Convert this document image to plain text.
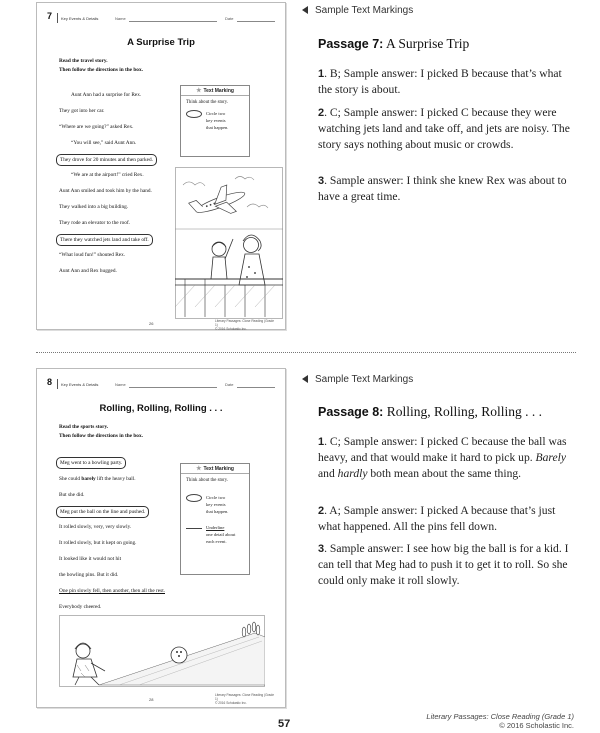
7 Key Events & Details	Name	Date
A Surprise Trip
Read the travel story.
Then follow the directions in the box.
Aunt Ann had a surprise for Rex.
They got into her car.
“Where are we going?” asked Rex.
“You will see,” said Aunt Ann.
They drove for 20 minutes and then parked.
“We are at the airport!” cried Rex.
Aunt Ann smiled and took him by the hand.
They walked into a big building.
They rode an elevator to the roof.
There they watched jets land and take off.
“What loud fun!” shouted Rex.
Aunt Ann and Rex hugged.
★ Text Marking
Think about the story.
Circle two
key events
that happen.
26	Literary Passages: Close Reading (Grade 1)
© 2016 Scholastic Inc.
Sample Text Markings
Passage 7: A Surprise Trip
1. B; Sample answer: I picked B because that’s what the story is about.
2. C; Sample answer: I picked C because they were watching jets land and take off, and jets are noisy. The story says nothing about music or crowds.
3. Sample answer: I think she knew Rex was about to have a great time.
8 Key Events & Details	Name	Date
Rolling, Rolling, Rolling . . .
Read the sports story.
Then follow the directions in the box.
Meg went to a bowling party.
She could barely lift the heavy ball.
But she did.
Meg put the ball on the line and pushed.
It rolled slowly, very, very slowly.
It rolled slowly, but it kept on going.
It looked like it would not hit
the bowling pins. But it did.
One pin slowly fell, then another, then all the rest.
Everybody cheered.
★ Text Marking
Think about the story.
Circle two
key events
that happen.
Underline
one detail about
each event.
28
Literary Passages: Close Reading (Grade 1)
© 2016 Scholastic Inc.
Sample Text Markings
Passage 8: Rolling, Rolling, Rolling . . .
1. C; Sample answer: I picked C because the ball was heavy, and that would make it hard to pick up. Barely and hardly both mean about the same thing.
2. A; Sample answer: I picked A because that’s just what happened. All the pins fell down.
3. Sample answer: I see how big the ball is for a kid. I can tell that Meg had to push it to get it to roll. So she could only make it roll slowly.
57
Literary Passages: Close Reading (Grade 1)
© 2016 Scholastic Inc.
